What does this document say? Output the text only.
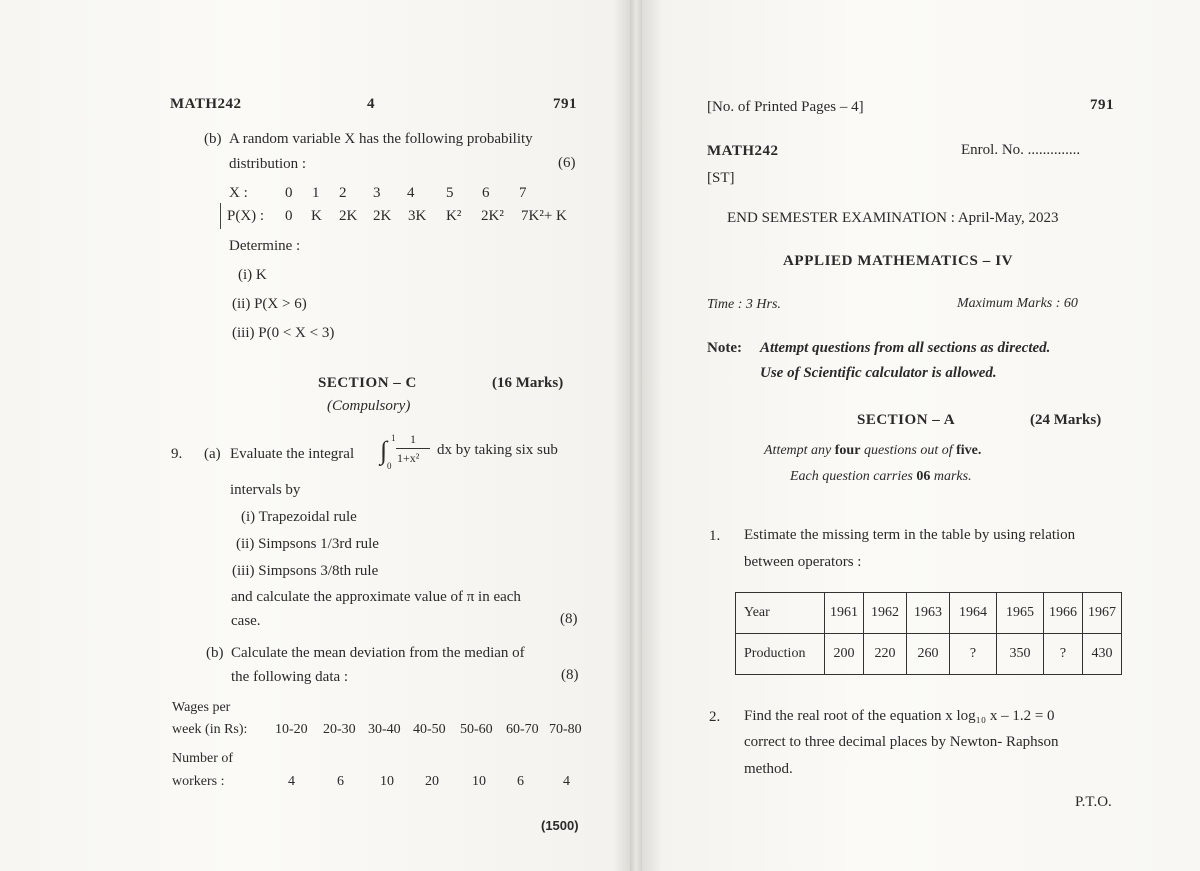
MATH242	4	791
(b) A random variable X has the following probability
distribution :	(6)
X : 0 1 2 3 4 5 6 7
P(X) : 0 K 2K 2K 3K K² 2K² 7K²+ K
Determine :
(i) K
(ii) P(X > 6)
(iii) P(0 < X < 3)
SECTION – C	(16 Marks)
(Compulsory)
9. (a) Evaluate the integral ∫ 1
0
1
1+x² dx by taking six sub
intervals by
(i) Trapezoidal rule
(ii) Simpsons 1/3rd rule
(iii) Simpsons 3/8th rule
and calculate the approximate value of π in each
case.	(8)
(b) Calculate the mean deviation from the median of
the following data :	(8)
Wages per
week (in Rs): 10-20 20-30 30-40 40-50 50-60 60-70 70-80
Number of
workers :	4	6	10 20 10 6	4
(1500)
[No. of Printed Pages – 4]	791
MATH242	Enrol. No. ..............
[ST]
END SEMESTER EXAMINATION : April-May, 2023
APPLIED MATHEMATICS – IV
Time : 3 Hrs.	Maximum Marks : 60
Note: Attempt questions from all sections as directed.
Use of Scientific calculator is allowed.
SECTION – A	(24 Marks)
Attempt any four questions out of five.
Each question carries 06 marks.
1. Estimate the missing term in the table by using relation
between operators :
Year	1961	1962	1963	1964	1965	1966	1967
Production	200	220	260	?	350	?	430
2. Find the real root of the equation x log₁₀ x – 1.2 = 0
correct to three decimal places by Newton- Raphson
method.
P.T.O.
